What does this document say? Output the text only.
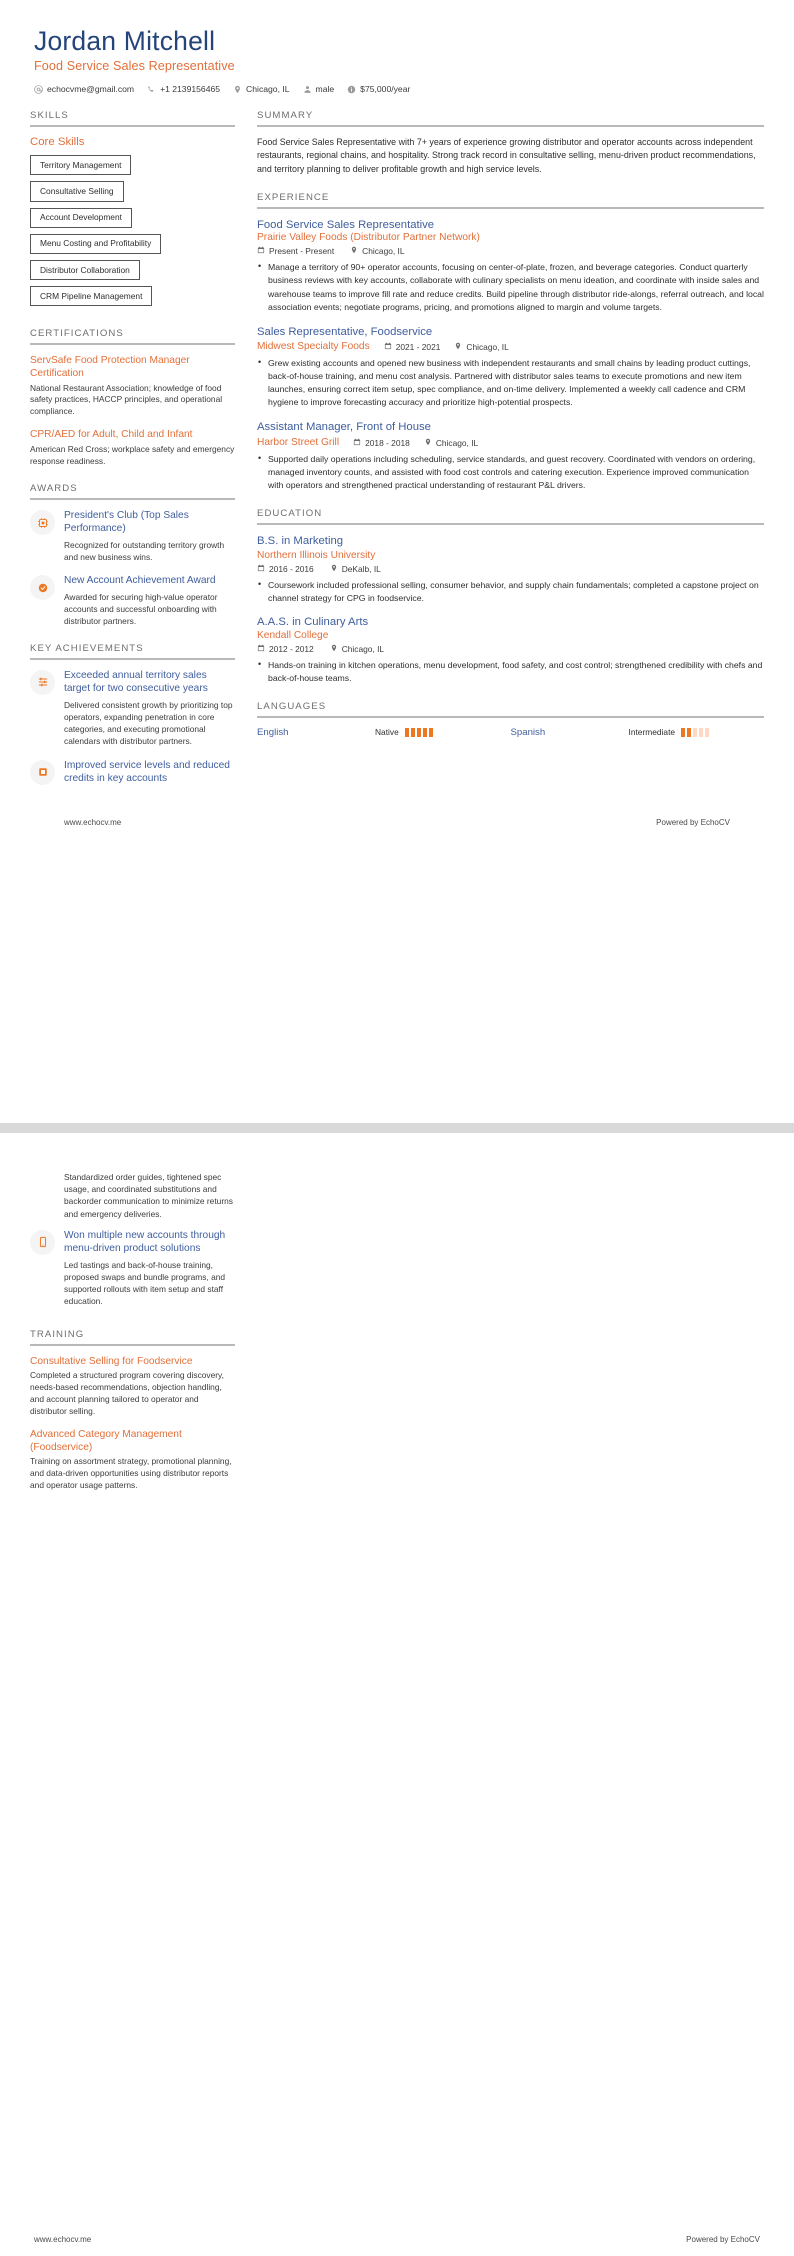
Jordan Mitchell
Food Service Sales Representative
echocvme@gmail.com	+1 2139156465	Chicago, IL	male	$75,000/year
SKILLS
Core Skills
Territory Management
Consultative Selling
Account Development
Menu Costing and Profitability
Distributor Collaboration
CRM Pipeline Management
CERTIFICATIONS
ServSafe Food Protection Manager Certification
National Restaurant Association; knowledge of food safety practices, HACCP principles, and operational compliance.
CPR/AED for Adult, Child and Infant
American Red Cross; workplace safety and emergency response readiness.
AWARDS
President's Club (Top Sales Performance)
Recognized for outstanding territory growth and new business wins.
New Account Achievement Award
Awarded for securing high-value operator accounts and successful onboarding with distributor partners.
KEY ACHIEVEMENTS
Exceeded annual territory sales target for two consecutive years
Delivered consistent growth by prioritizing top operators, expanding penetration in core categories, and executing promotional calendars with distributor partners.
Improved service levels and reduced credits in key accounts
SUMMARY
Food Service Sales Representative with 7+ years of experience growing distributor and operator accounts across independent restaurants, regional chains, and hospitality. Strong track record in consultative selling, menu-driven product recommendations, and territory planning to deliver profitable growth and high service levels.
EXPERIENCE
Food Service Sales Representative
Prairie Valley Foods (Distributor Partner Network)
Present - Present	Chicago, IL
• Manage a territory of 90+ operator accounts, focusing on center-of-plate, frozen, and beverage categories. Conduct quarterly business reviews with key accounts, collaborate with culinary specialists on menu ideation, and coordinate with inside sales and warehouse teams to improve fill rate and reduce credits. Build pipeline through distributor ride-alongs, referral outreach, and local association events; negotiate programs, pricing, and promotions aligned to margin and volume targets.
Sales Representative, Foodservice
Midwest Specialty Foods	2021 - 2021	Chicago, IL
• Grew existing accounts and opened new business with independent restaurants and small chains by leading product cuttings, back-of-house training, and menu cost analysis. Partnered with distributor sales teams to execute promotions and new item launches, ensuring correct item setup, spec compliance, and on-time delivery. Implemented a weekly call cadence and CRM hygiene to improve forecasting accuracy and prioritize high-potential prospects.
Assistant Manager, Front of House
Harbor Street Grill	2018 - 2018	Chicago, IL
• Supported daily operations including scheduling, service standards, and guest recovery. Coordinated with vendors on ordering, managed inventory counts, and assisted with food cost controls and catering execution. Experience improved communication with operators and strengthened practical understanding of restaurant P&L drivers.
EDUCATION
B.S. in Marketing
Northern Illinois University
2016 - 2016	DeKalb, IL
• Coursework included professional selling, consumer behavior, and supply chain fundamentals; completed a capstone project on channel strategy for CPG in foodservice.
A.A.S. in Culinary Arts
Kendall College
2012 - 2012	Chicago, IL
• Hands-on training in kitchen operations, menu development, food safety, and cost control; strengthened credibility with chefs and back-of-house teams.
LANGUAGES
English	Native	Spanish	Intermediate
www.echocv.me	Powered by EchoCV
Standardized order guides, tightened spec usage, and coordinated substitutions and backorder communication to minimize returns and emergency deliveries.
Won multiple new accounts through menu-driven product solutions
Led tastings and back-of-house training, proposed swaps and bundle programs, and supported rollouts with item setup and staff education.
TRAINING
Consultative Selling for Foodservice
Completed a structured program covering discovery, needs-based recommendations, objection handling, and account planning tailored to operator and distributor selling.
Advanced Category Management (Foodservice)
Training on assortment strategy, promotional planning, and data-driven opportunities using distributor reports and operator usage patterns.
www.echocv.me	Powered by EchoCV
